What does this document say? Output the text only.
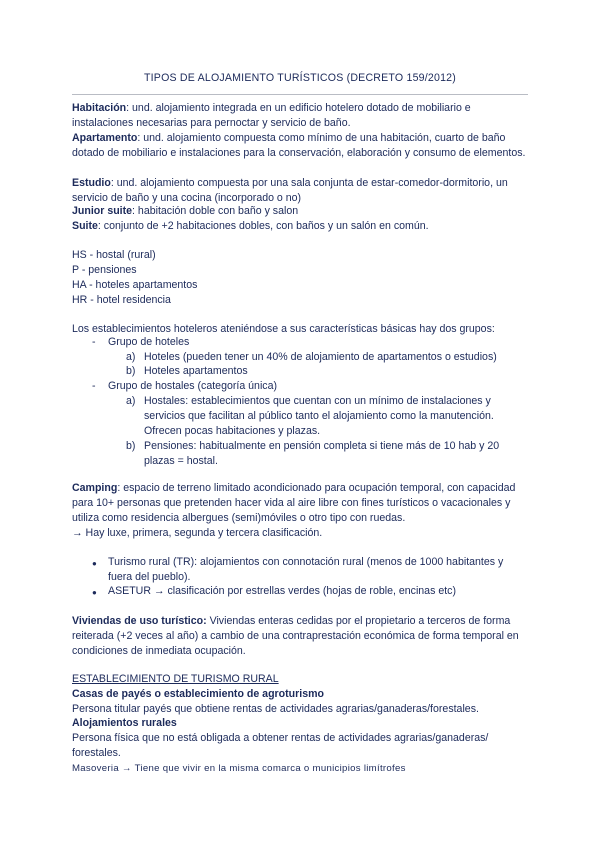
TIPOS DE ALOJAMIENTO TURÍSTICOS (DECRETO 159/2012)
Habitación: und. alojamiento integrada en un edificio hotelero dotado de mobiliario e instalaciones necesarias para pernoctar y servicio de baño.
Apartamento: und. alojamiento compuesta como mínimo de una habitación, cuarto de baño dotado de mobiliario e instalaciones para la conservación, elaboración y consumo de elementos.
Estudio: und. alojamiento compuesta por una sala conjunta de estar-comedor-dormitorio, un servicio de baño y una cocina (incorporado o no)
Junior suite: habitación doble con baño y salon
Suite: conjunto de +2 habitaciones dobles, con baños y un salón en común.
HS - hostal (rural)
P - pensiones
HA - hoteles apartamentos
HR - hotel residencia
Los establecimientos hoteleros ateniéndose a sus características básicas hay dos grupos:
- Grupo de hoteles
a) Hoteles (pueden tener un 40% de alojamiento de apartamentos o estudios)
b) Hoteles apartamentos
- Grupo de hostales (categoría única)
a) Hostales: establecimientos que cuentan con un mínimo de instalaciones y
servicios que facilitan al público tanto el alojamiento como la manutención.
Ofrecen pocas habitaciones y plazas.
b) Pensiones: habitualmente en pensión completa si tiene más de 10 hab y 20
plazas = hostal.
Camping: espacio de terreno limitado acondicionado para ocupación temporal, con capacidad para 10+ personas que pretenden hacer vida al aire libre con fines turísticos o vacacionales y utiliza como residencia albergues (semi)móviles o otro tipo con ruedas.
→ Hay luxe, primera, segunda y tercera clasificación.
● Turismo rural (TR): alojamientos con connotación rural (menos de 1000 habitantes y
fuera del pueblo).
● ASETUR → clasificación por estrellas verdes (hojas de roble, encinas etc)
Viviendas de uso turístico: Viviendas enteras cedidas por el propietario a terceros de forma reiterada (+2 veces al año) a cambio de una contraprestación económica de forma temporal en condiciones de inmediata ocupación.
ESTABLECIMIENTO DE TURISMO RURAL
Casas de payés o establecimiento de agroturismo
Persona titular payés que obtiene rentas de actividades agrarias/ganaderas/forestales.
Alojamientos rurales
Persona física que no está obligada a obtener rentas de actividades agrarias/ganaderas/ forestales.
Masoveria → Tiene que vivir en la misma comarca o municipios limítrofes
